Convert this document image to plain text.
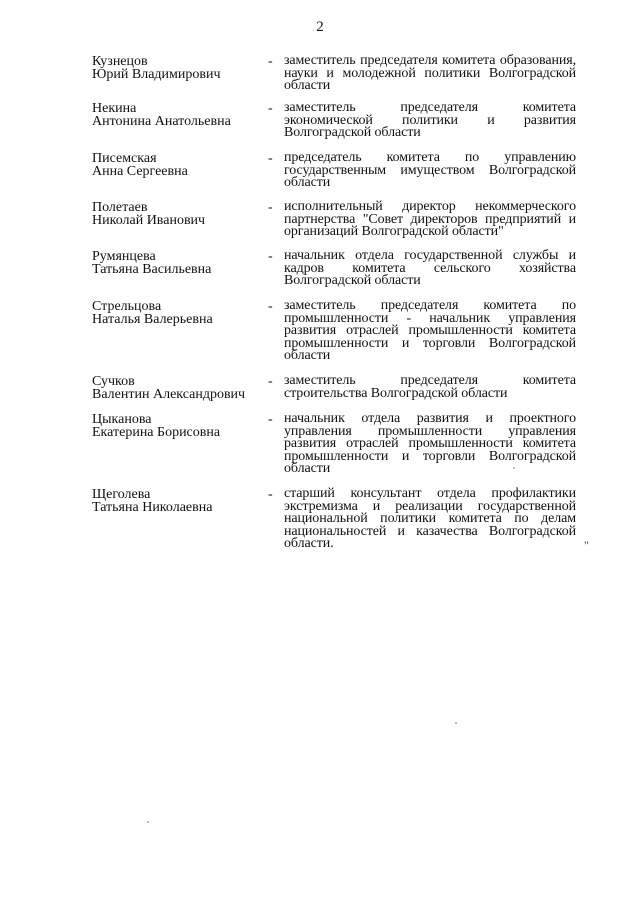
2
Кузнецов
Юрий Владимирович
- заместитель председателя комитета образования, науки и молодежной политики Волгоградской области
Некина
Антонина Анатольевна
- заместитель председателя комитета экономической политики и развития Волгоградской области
Писемская
Анна Сергеевна
- председатель комитета по управлению государственным имуществом Волгоградской области
Полетаев
Николай Иванович
- исполнительный директор некоммерческого партнерства "Совет директоров предприятий и организаций Волгоградской области"
Румянцева
Татьяна Васильевна
- начальник отдела государственной службы и кадров комитета сельского хозяйства Волгоградской области
Стрельцова
Наталья Валерьевна
- заместитель председателя комитета по промышленности - начальник управления развития отраслей промышленности комитета промышленности и торговли Волгоградской области
Сучков
Валентин Александрович
- заместитель председателя комитета строительства Волгоградской области
Цыканова
Екатерина Борисовна
- начальник отдела развития и проектного управления промышленности управления развития отраслей промышленности комитета промышленности и торговли Волгоградской области
Щеголева
Татьяна Николаевна
- старший консультант отдела профилактики экстремизма и реализации государственной национальной политики комитета по делам национальностей и казачества Волгоградской области.	"
